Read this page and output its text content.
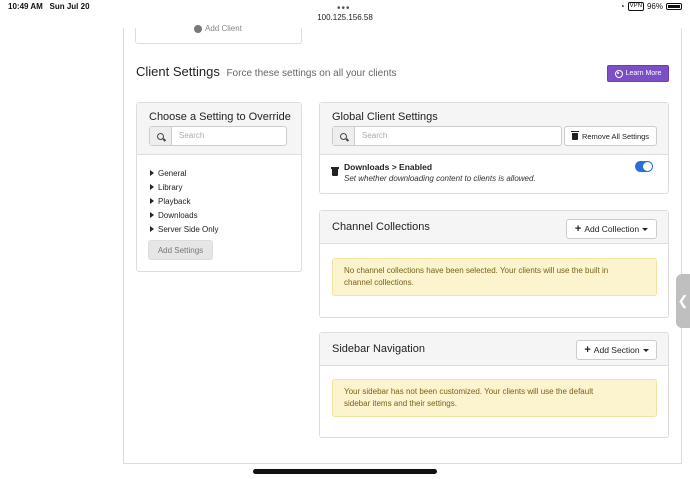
10:49 AM Sun Jul 20	◔ VPN 96%
•••
100.125.156.58
Add Client
Client Settings Force these settings on all your clients	Learn More
Choose a Setting to Override
Search
General
Library
Playback
Downloads
Server Side Only
Add Settings
Global Client Settings
Search	Remove All Settings
Downloads > Enabled
Set whether downloading content to clients is allowed.
Channel Collections	+ Add Collection
No channel collections have been selected. Your clients will use the built in
channel collections.
Sidebar Navigation	+ Add Section
Your sidebar has not been customized. Your clients will use the default
sidebar items and their settings.
❮
